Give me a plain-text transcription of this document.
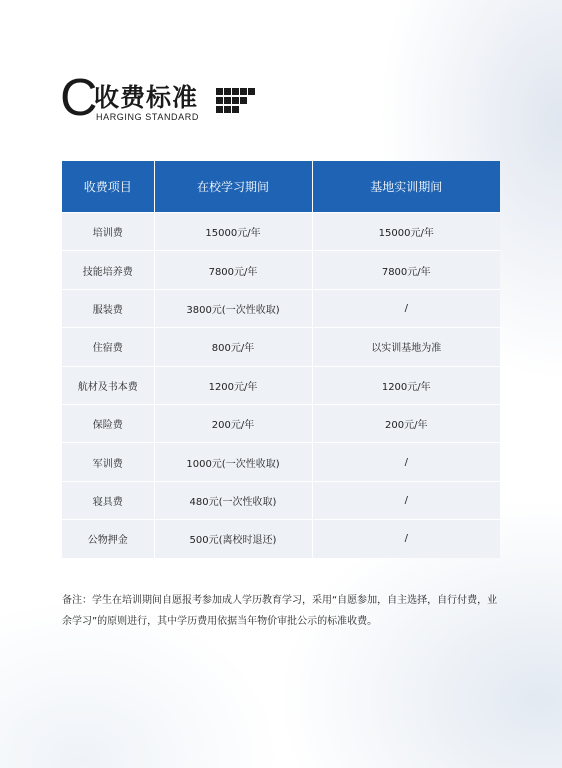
C
收费标准
HARGING STANDARD
收费项目	在校学习期间	基地实训期间
培训费	15000元/年	15000元/年
技能培养费	7800元/年	7800元/年
服装费	3800元(一次性收取)	/
住宿费	800元/年	以实训基地为准
航材及书本费	1200元/年	1200元/年
保险费	200元/年	200元/年
军训费	1000元(一次性收取)	/
寝具费	480元(一次性收取)	/
公物押金	500元(离校时退还)	/

备注：学生在培训期间自愿报考参加成人学历教育学习，采用“自愿参加，自主选择，自行付费，业余学习”的原则进行，其中学历费用依据当年物价审批公示的标准收费。
